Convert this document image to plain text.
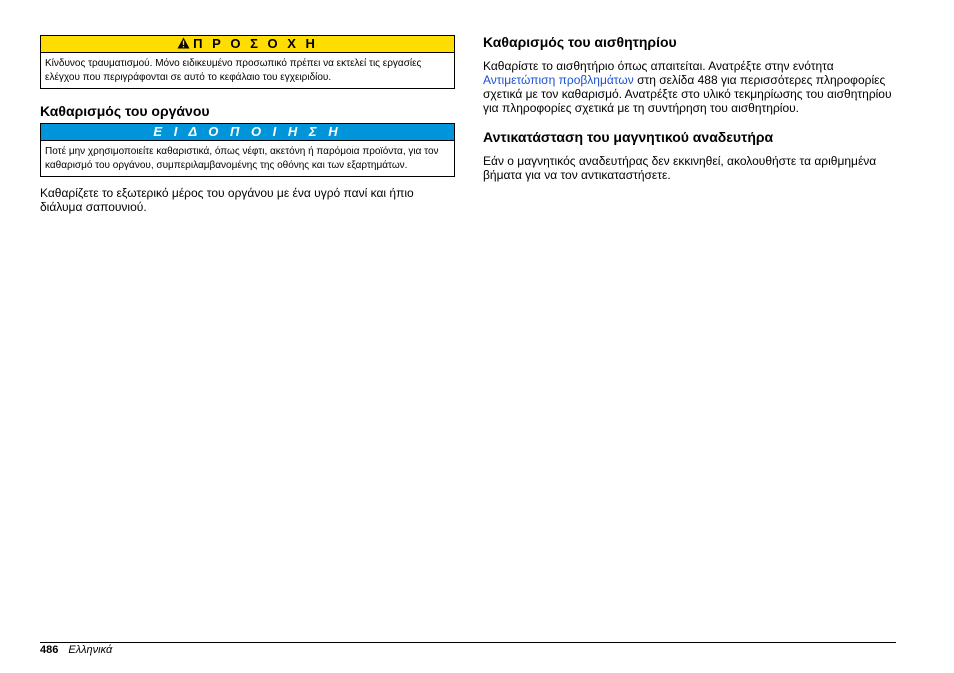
Π Ρ Ο Σ Ο Χ Η
Κίνδυνος τραυματισμού. Μόνο ειδικευμένο προσωπικό πρέπει να εκτελεί τις εργασίες ελέγχου που περιγράφονται σε αυτό το κεφάλαιο του εγχειριδίου.
Καθαρισμός του οργάνου
Ε Ι Δ Ο Π Ο Ι Η Σ Η
Ποτέ μην χρησιμοποιείτε καθαριστικά, όπως νέφτι, ακετόνη ή παρόμοια προϊόντα, για τον καθαρισμό του οργάνου, συμπεριλαμβανομένης της οθόνης και των εξαρτημάτων.

Καθαρίζετε το εξωτερικό μέρος του οργάνου με ένα υγρό πανί και ήπιο διάλυμα σαπουνιού.

Καθαρισμός του αισθητηρίου

Καθαρίστε το αισθητήριο όπως απαιτείται. Ανατρέξτε στην ενότητα Αντιμετώπιση προβλημάτων στη σελίδα 488 για περισσότερες πληροφορίες σχετικά με τον καθαρισμό. Ανατρέξτε στο υλικό τεκμηρίωσης του αισθητηρίου για πληροφορίες σχετικά με τη συντήρηση του αισθητηρίου.

Αντικατάσταση του μαγνητικού αναδευτήρα

Εάν ο μαγνητικός αναδευτήρας δεν εκκινηθεί, ακολουθήστε τα αριθμημένα βήματα για να τον αντικαταστήσετε.

486 Ελληνικά
